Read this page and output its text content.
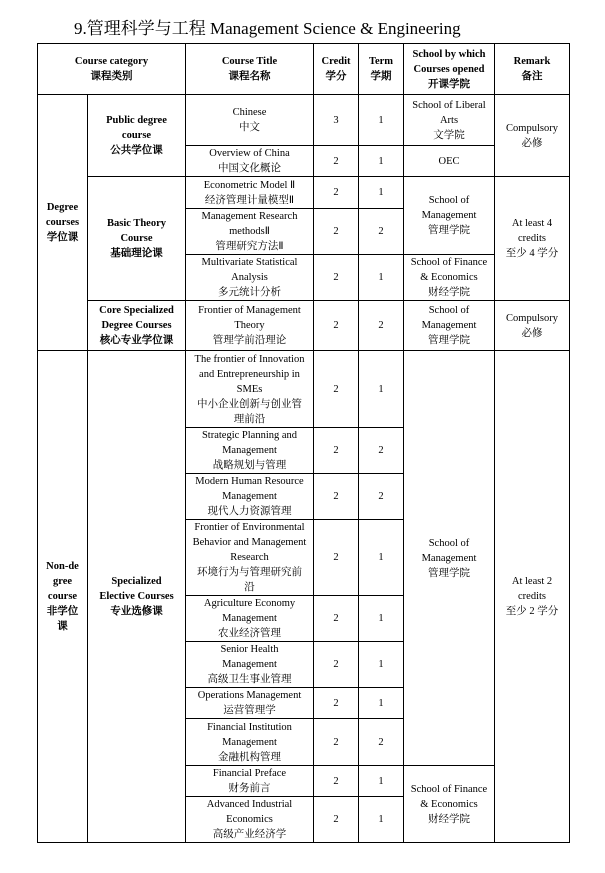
9.管理科学与工程 Management Science & Engineering
Course category
课程类别		Course Title
课程名称	Credit
学分	Term
学期	School by which
Courses opened
开课学院	Remark
备注

Degree
courses
学位课	Public degree
course
公共学位课	Chinese
中文	3	1	School of Liberal
Arts
文学院	Compulsory
必修

		Overview of China
中国文化概论	2	1	OEC	

	Basic Theory
Course
基础理论课	Econometric Model Ⅱ
经济管理计量模型Ⅱ	2	1	School of
Management
管理学院	At least 4
credits
至少 4 学分

		Management Research
methodsⅡ
管理研究方法Ⅱ	2	2		

		Multivariate Statistical
Analysis
多元统计分析	2	1	School of Finance
& Economics
财经学院	

	Core Specialized
Degree Courses
核心专业学位课	Frontier of Management
Theory
管理学前沿理论	2	2	School of
Management
管理学院	Compulsory
必修

Non-de
gree
course
非学位
课	Specialized
Elective Courses
专业选修课	The frontier of Innovation
and Entrepreneurship in
SMEs
中小企业创新与创业管
理前沿	2	1	School of
Management
管理学院	At least 2
credits
至少 2 学分

		Strategic Planning and
Management
战略规划与管理	2	2		

		Modern Human Resource
Management
现代人力资源管理	2	2		

		Frontier of Environmental
Behavior and Management
Research
环境行为与管理研究前
沿	2	1		

		Agriculture Economy
Management
农业经济管理	2	1		

		Senior Health
Management
高级卫生事业管理	2	1		

		Operations Management
运营管理学	2	1		

		Financial Institution
Management
金融机构管理	2	2		

		Financial Preface
财务前言	2	1	School of Finance
& Economics
财经学院	

		Advanced Industrial
Economics
高级产业经济学	2	1		
